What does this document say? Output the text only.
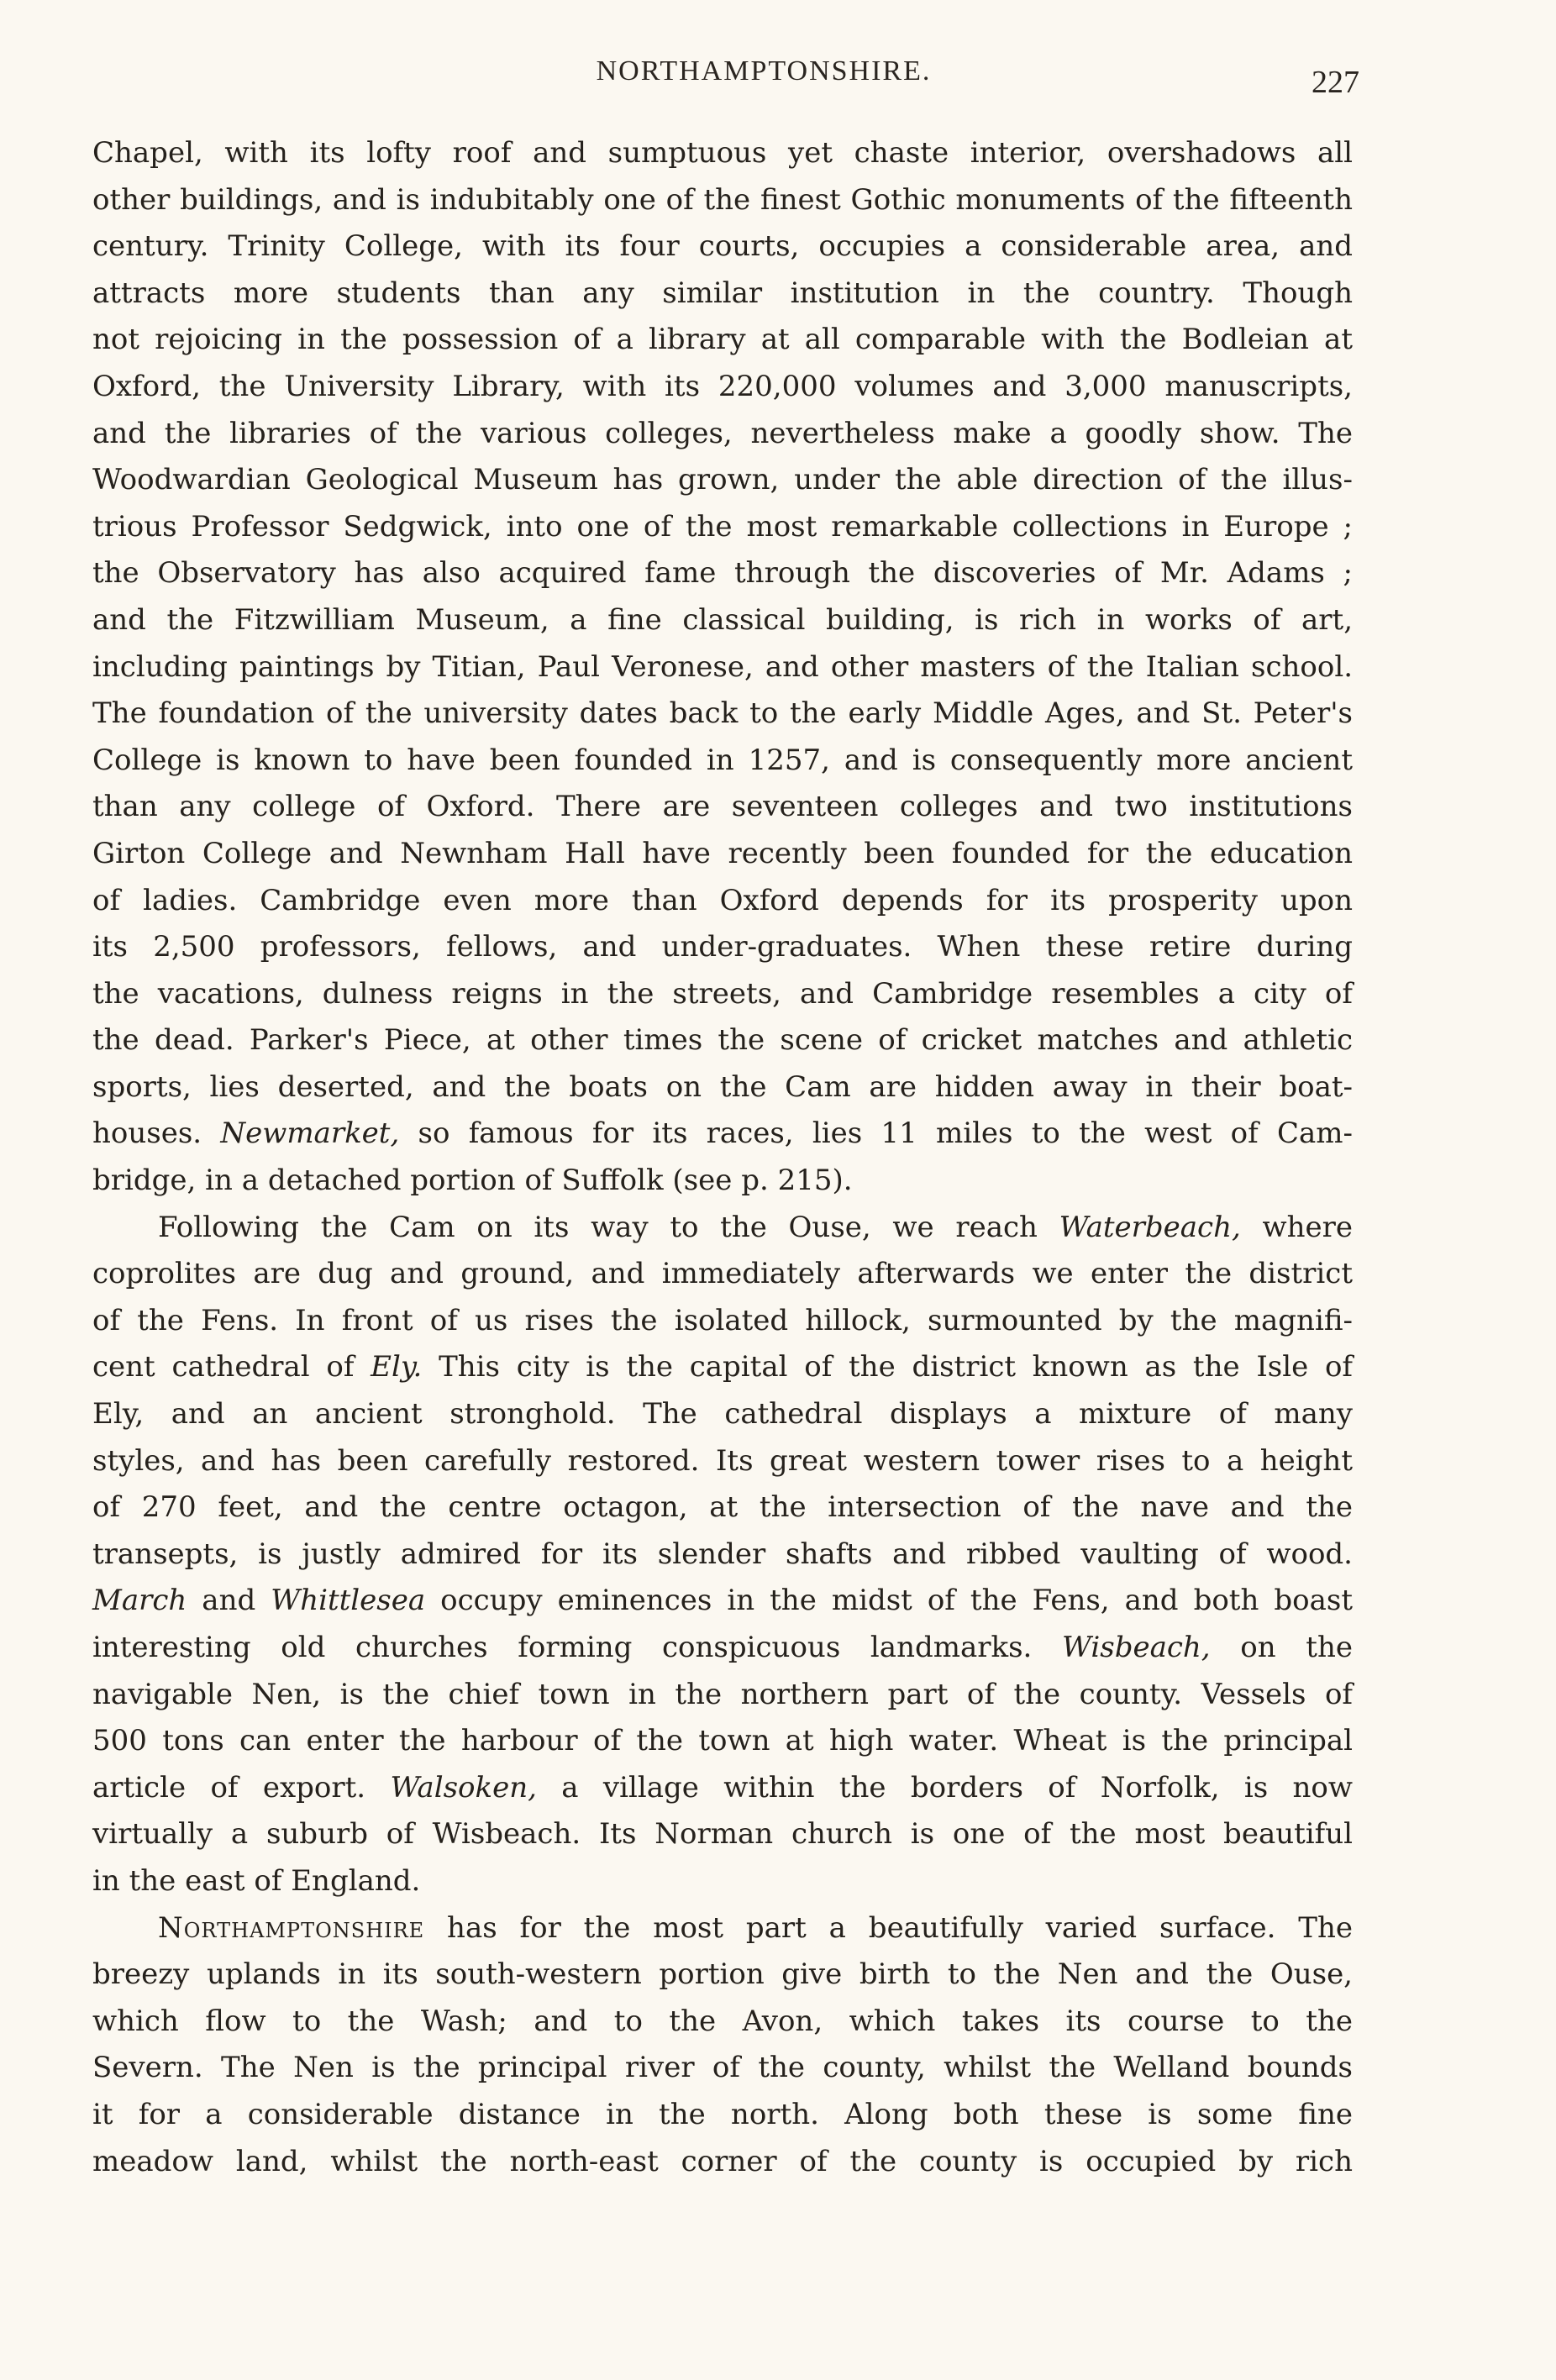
NORTHAMPTONSHIRE.	227

Chapel, with its lofty roof and sumptuous yet chaste interior, overshadows all
other buildings, and is indubitably one of the finest Gothic monuments of the fifteenth
century. Trinity College, with its four courts, occupies a considerable area, and
attracts more students than any similar institution in the country. Though
not rejoicing in the possession of a library at all comparable with the Bodleian at
Oxford, the University Library, with its 220,000 volumes and 3,000 manuscripts,
and the libraries of the various colleges, nevertheless make a goodly show. The
Woodwardian Geological Museum has grown, under the able direction of the illus-
trious Professor Sedgwick, into one of the most remarkable collections in Europe ;
the Observatory has also acquired fame through the discoveries of Mr. Adams ;
and the Fitzwilliam Museum, a fine classical building, is rich in works of art,
including paintings by Titian, Paul Veronese, and other masters of the Italian school.
The foundation of the university dates back to the early Middle Ages, and St. Peter's
College is known to have been founded in 1257, and is consequently more ancient
than any college of Oxford. There are seventeen colleges and two institutions
Girton College and Newnham Hall have recently been founded for the education
of ladies. Cambridge even more than Oxford depends for its prosperity upon
its 2,500 professors, fellows, and under-graduates. When these retire during
the vacations, dulness reigns in the streets, and Cambridge resembles a city of
the dead. Parker's Piece, at other times the scene of cricket matches and athletic
sports, lies deserted, and the boats on the Cam are hidden away in their boat-
houses. Newmarket, so famous for its races, lies 11 miles to the west of Cam-
bridge, in a detached portion of Suffolk (see p. 215).

Following the Cam on its way to the Ouse, we reach Waterbeach, where
coprolites are dug and ground, and immediately afterwards we enter the district
of the Fens. In front of us rises the isolated hillock, surmounted by the magnifi-
cent cathedral of Ely. This city is the capital of the district known as the Isle of
Ely, and an ancient stronghold. The cathedral displays a mixture of many
styles, and has been carefully restored. Its great western tower rises to a height
of 270 feet, and the centre octagon, at the intersection of the nave and the
transepts, is justly admired for its slender shafts and ribbed vaulting of wood.
March and Whittlesea occupy eminences in the midst of the Fens, and both boast
interesting old churches forming conspicuous landmarks. Wisbeach, on the
navigable Nen, is the chief town in the northern part of the county. Vessels of
500 tons can enter the harbour of the town at high water. Wheat is the principal
article of export. Walsoken, a village within the borders of Norfolk, is now
virtually a suburb of Wisbeach. Its Norman church is one of the most beautiful
in the east of England.

Northamptonshire has for the most part a beautifully varied surface. The
breezy uplands in its south-western portion give birth to the Nen and the Ouse,
which flow to the Wash; and to the Avon, which takes its course to the
Severn. The Nen is the principal river of the county, whilst the Welland bounds
it for a considerable distance in the north. Along both these is some fine
meadow land, whilst the north-east corner of the county is occupied by rich
